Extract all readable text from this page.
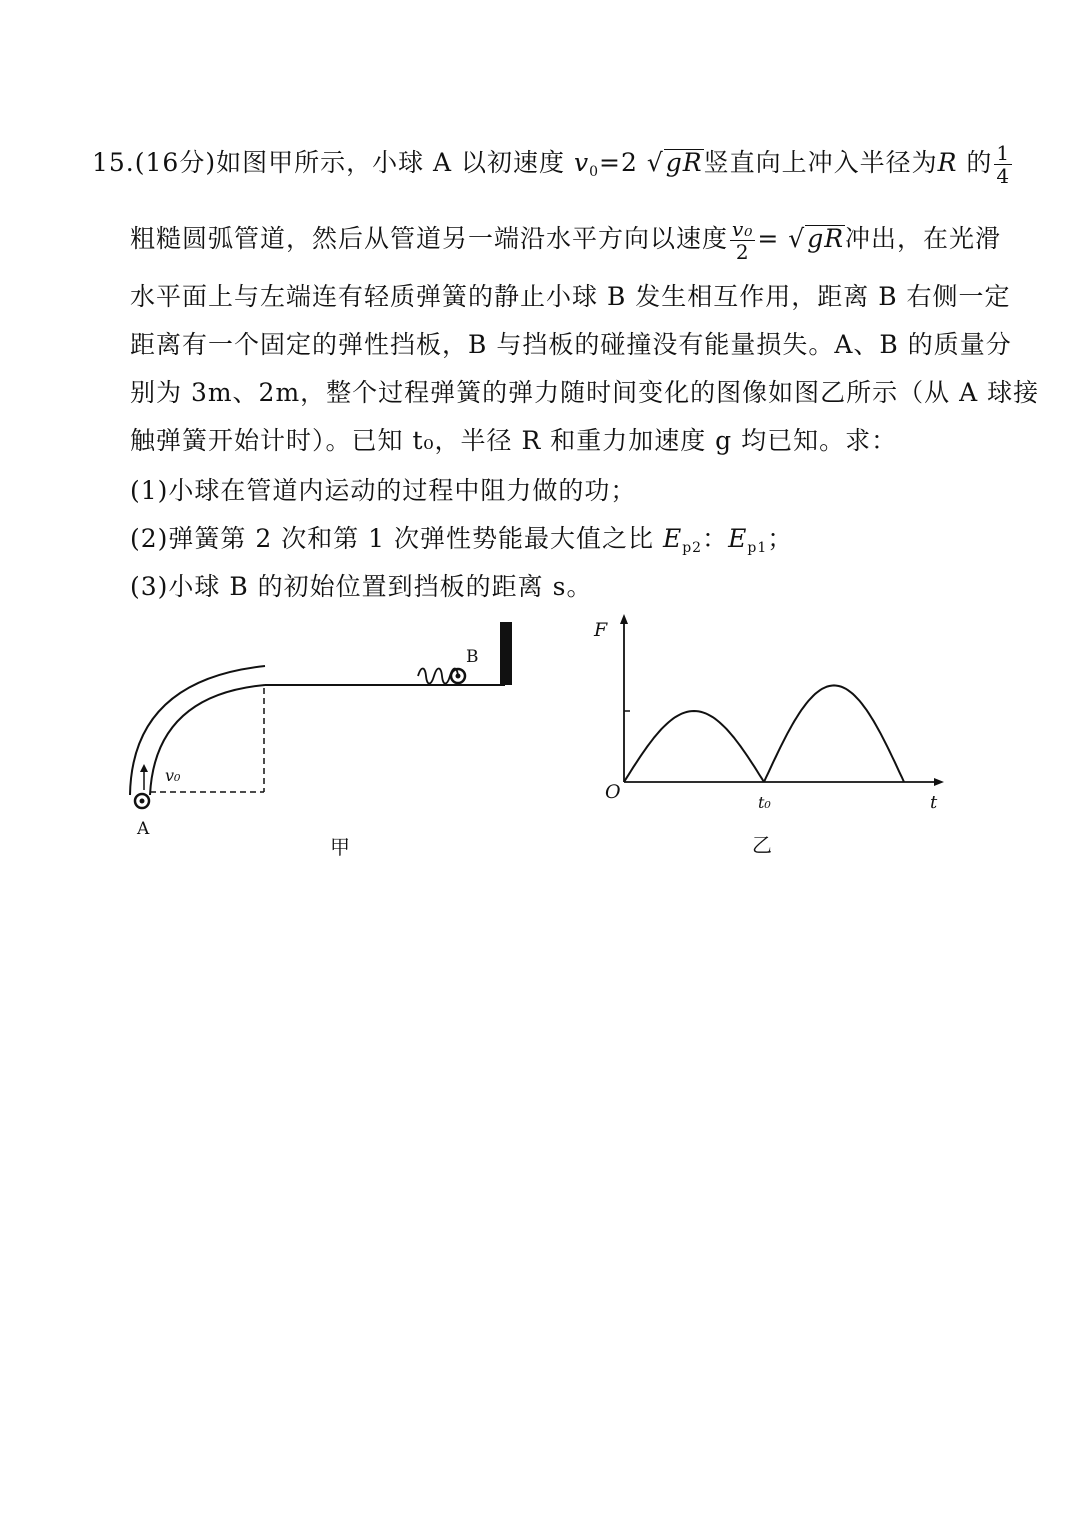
15.(16分)如图甲所示，小球 A 以初速度 $v_0=2$ √gR竖直向上冲入半径为R 的 $\frac{1}{4}$
粗糙圆弧管道，然后从管道另一端沿水平方向以速度 $\frac{\text{v₀}}{2} = √gR$冲出，在光滑
水平面上与左端连有轻质弹簧的静止小球 B 发生相互作用，距离 B 右侧一定
距离有一个固定的弹性挡板，B 与挡板的碰撞没有能量损失。A、B 的质量分
别为 3m、2m，整个过程弹簧的弹力随时间变化的图像如图乙所示（从 A 球接
触弹簧开始计时）。已知 t₀，半径 R 和重力加速度 g 均已知。求：
(1)小球在管道内运动的过程中阻力做的功；
(2)弹簧第 2 次和第 1 次弹性势能最大值之比 $E_{p2}$：$E_{p1}$；
(3)小球 B 的初始位置到挡板的距离 s。
B
v₀
A
甲
F
t
O	t₀
乙
